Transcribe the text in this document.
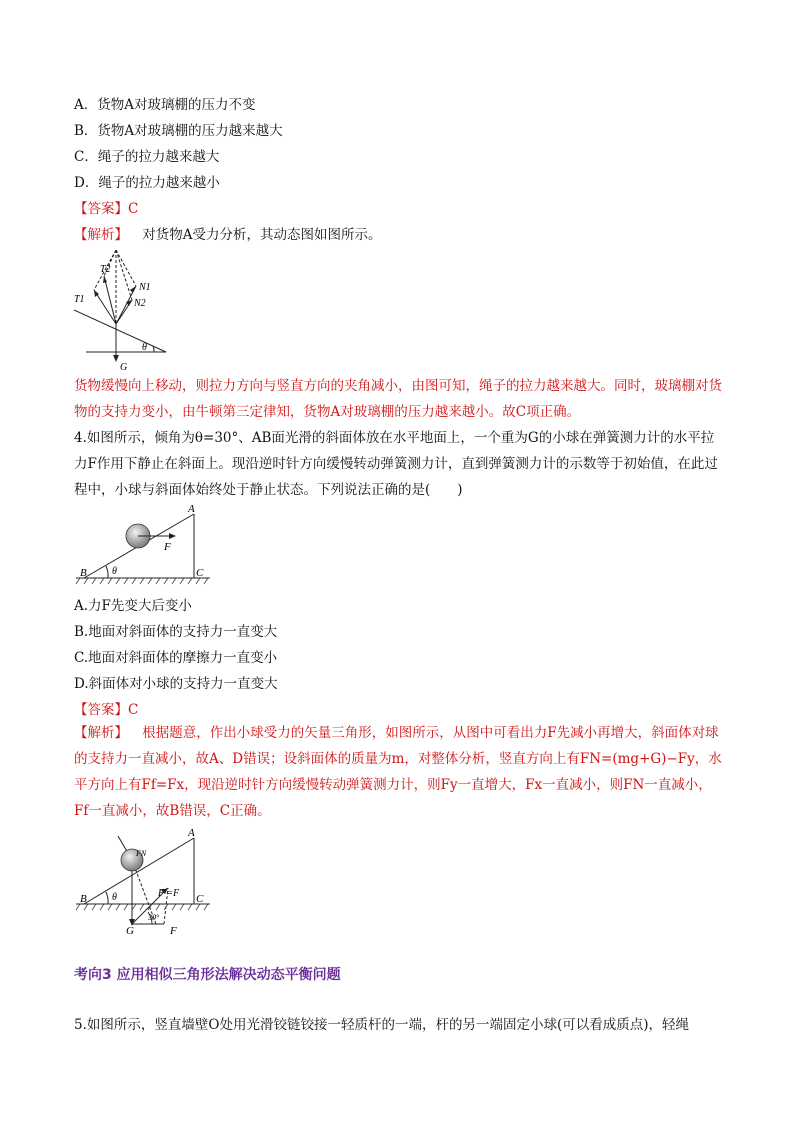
A．货物A对玻璃棚的压力不变
B．货物A对玻璃棚的压力越来越大
C．绳子的拉力越来越大
D．绳子的拉力越来越小
【答案】C
【解析】 对货物A受力分析，其动态图如图所示。
T1
T2
N1
N2
G
θ
货物缓慢向上移动，则拉力方向与竖直方向的夹角减小，由图可知，绳子的拉力越来越大。同时，玻璃棚对货物的支持力变小，由牛顿第三定律知，货物A对玻璃棚的压力越来越小。故C项正确。
4.如图所示，倾角为θ=30°、AB面光滑的斜面体放在水平地面上，一个重为G的小球在弹簧测力计的水平拉力F作用下静止在斜面上。现沿逆时针方向缓慢转动弹簧测力计，直到弹簧测力计的示数等于初始值，在此过程中，小球与斜面体始终处于静止状态。下列说法正确的是(　　)
A
B	C
F
θ
A.力F先变大后变小
B.地面对斜面体的支持力一直变大
C.地面对斜面体的摩擦力一直变小
D.斜面体对小球的支持力一直变大
【答案】C
【解析】 根据题意，作出小球受力的矢量三角形，如图所示，从图中可看出力F先减小再增大，斜面体对球的支持力一直减小，故A、D错误；设斜面体的质量为m，对整体分析，竖直方向上有FN=(mg+G)−Fy，水平方向上有Ff=Fx，现沿逆时针方向缓慢转动弹簧测力计，则Fy一直增大，Fx一直减小，则FN一直减小，Ff一直减小，故B错误，C正确。
A
B	C
G	F
F′=F
FN
θ
30°
考向3 应用相似三角形法解决动态平衡问题
5.如图所示，竖直墙壁O处用光滑铰链铰接一轻质杆的一端，杆的另一端固定小球(可以看成质点)，轻绳
